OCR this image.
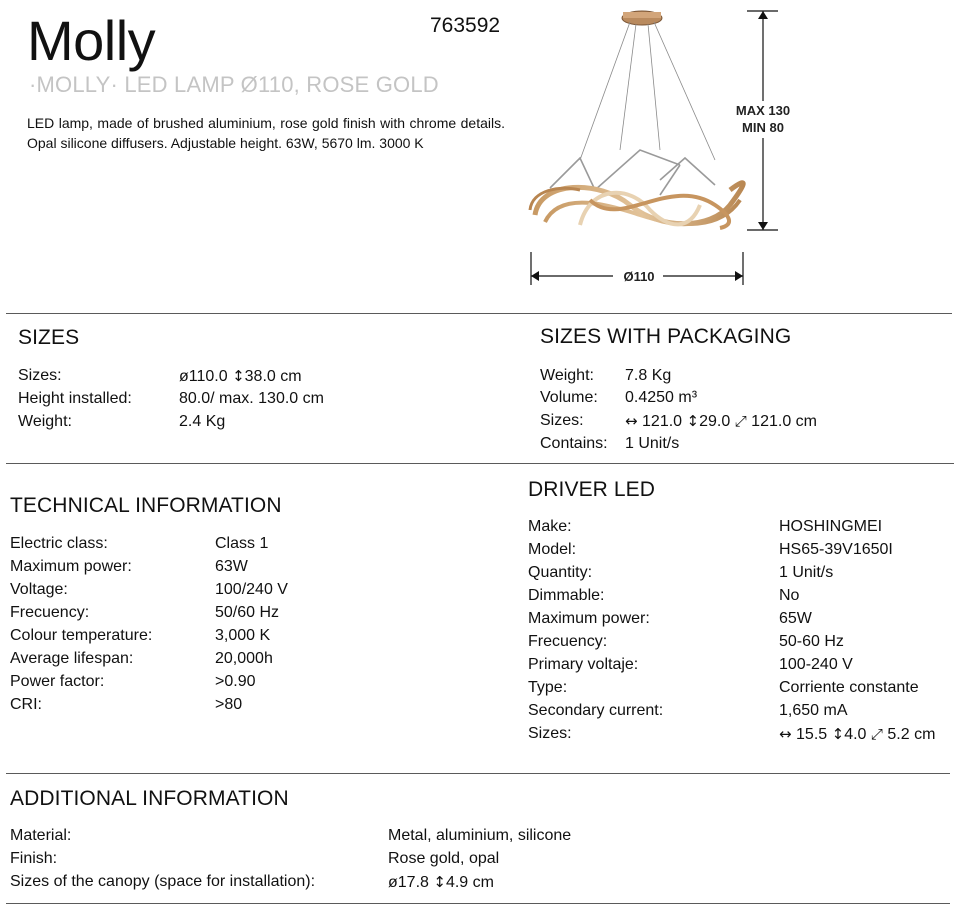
Molly	763592
·MOLLY· LED LAMP Ø110, ROSE GOLD
LED lamp, made of brushed aluminium, rose gold finish with chrome details. Opal silicone diffusers. Adjustable height. 63W, 5670 lm. 3000 K
MAX 130
MIN 80
Ø110
SIZES
Sizes:	ø110.0 ↕38.0 cm
Height installed:	80.0/ max. 130.0 cm
Weight:	2.4 Kg
SIZES WITH PACKAGING
Weight: 7.8 Kg
Volume: 0.4250 m³
Sizes:	↔ 121.0 ↕29.0 ⤢ 121.0 cm
Contains: 1 Unit/s
TECHNICAL INFORMATION
Electric class:	Class 1
Maximum power:	63W
Voltage:	100/240 V
Frecuency:	50/60 Hz
Colour temperature:	3,000 K
Average lifespan:	20,000h
Power factor:	>0.90
CRI:	>80
DRIVER LED
Make:	HOSHINGMEI
Model:	HS65-39V1650I
Quantity:	1 Unit/s
Dimmable:	No
Maximum power:	65W
Frecuency:	50-60 Hz
Primary voltaje:	100-240 V
Type:	Corriente constante
Secondary current:	1,650 mA
Sizes:	↔ 15.5 ↕4.0 ⤢ 5.2 cm
ADDITIONAL INFORMATION
Material:	Metal, aluminium, silicone
Finish:	Rose gold, opal
Sizes of the canopy (space for installation):	ø17.8 ↕4.9 cm
